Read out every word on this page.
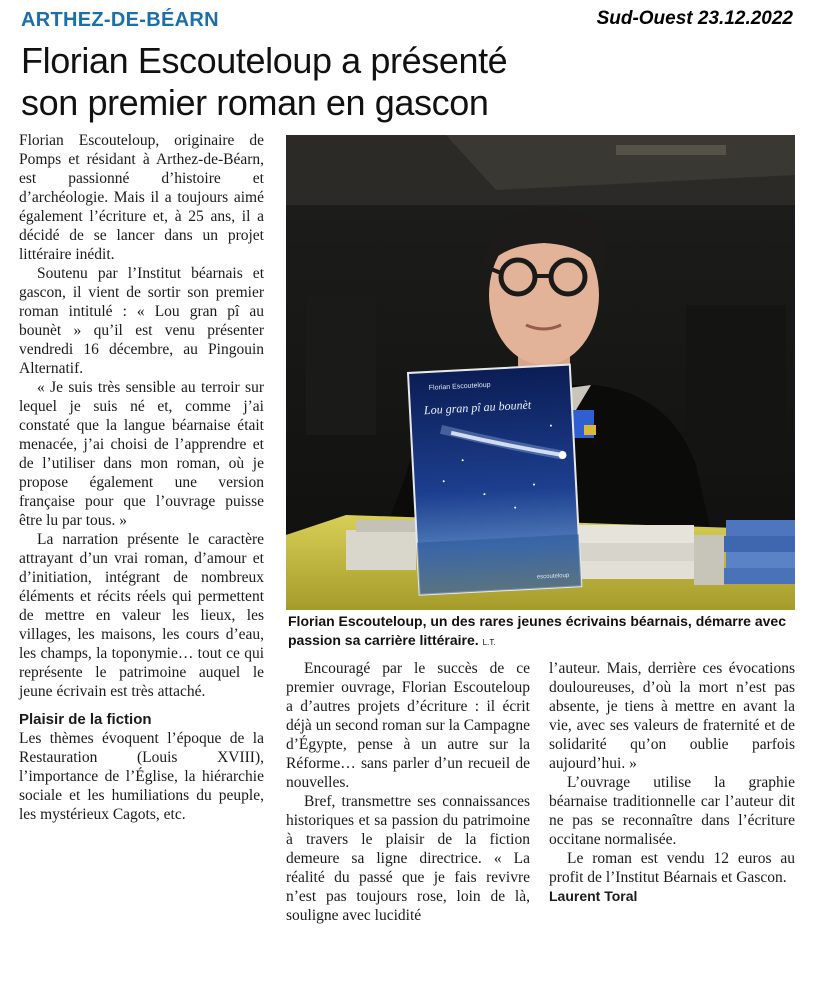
ARTHEZ-DE-BÉARN	Sud-Ouest 23.12.2022
Florian Escouteloup a présenté
son premier roman en gascon
Florian Escouteloup
Lou gran pî au bounèt
escouteloup
Florian Escouteloup, un des rares jeunes écrivains béarnais, démarre avec passion sa carrière littéraire. L.T.

Florian Escouteloup, originaire de Pomps et résidant à Arthez-de-Béarn, est passionné d’histoire et d’archéologie. Mais il a toujours aimé également l’écriture et, à 25 ans, il a décidé de se lancer dans un projet littéraire inédit.

Soutenu par l’Institut béarnais et gascon, il vient de sortir son premier roman intitulé : « Lou gran pî au bounèt » qu’il est venu présenter vendredi 16 décembre, au Pingouin Alternatif.

« Je suis très sensible au terroir sur lequel je suis né et, comme j’ai constaté que la langue béarnaise était menacée, j’ai choisi de l’apprendre et de l’utiliser dans mon roman, où je propose également une version française pour que l’ouvrage puisse être lu par tous. »

La narration présente le caractère attrayant d’un vrai roman, d’amour et d’initiation, intégrant de nombreux éléments et récits réels qui permettent de mettre en valeur les lieux, les villages, les maisons, les cours d’eau, les champs, la toponymie… tout ce qui représente le patrimoine auquel le jeune écrivain est très attaché.

Plaisir de la fiction

Les thèmes évoquent l’époque de la Restauration (Louis XVIII), l’importance de l’Église, la hiérarchie sociale et les humiliations du peuple, les mystérieux Cagots, etc.

Encouragé par le succès de ce premier ouvrage, Florian Escouteloup a d’autres projets d’écriture : il écrit déjà un second roman sur la Campagne d’Égypte, pense à un autre sur la Réforme… sans parler d’un recueil de nouvelles.

Bref, transmettre ses connaissances historiques et sa passion du patrimoine à travers le plaisir de la fiction demeure sa ligne directrice. « La réalité du passé que je fais revivre n’est pas toujours rose, loin de là, souligne avec lucidité

l’auteur. Mais, derrière ces évocations douloureuses, d’où la mort n’est pas absente, je tiens à mettre en avant la vie, avec ses valeurs de fraternité et de solidarité qu’on oublie parfois aujourd’hui. »

L’ouvrage utilise la graphie béarnaise traditionnelle car l’auteur dit ne pas se reconnaître dans l’écriture occitane normalisée.

Le roman est vendu 12 euros au profit de l’Institut Béarnais et Gascon.

Laurent Toral
